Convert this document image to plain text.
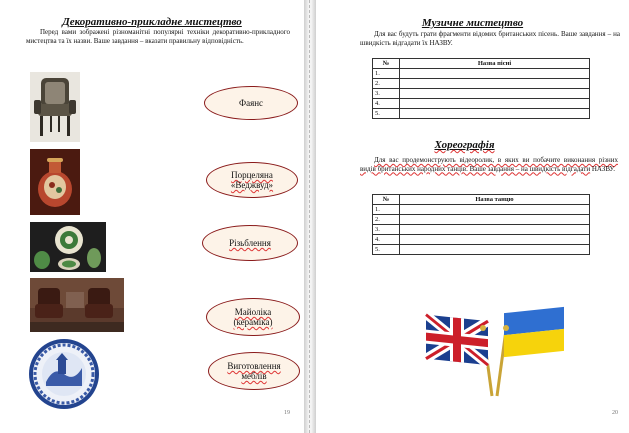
Декоративно-прикладне мистецтво
Перед вами зображені різноманітні популярні техніки декоративно-прикладного мистецтва та їх назви. Ваше завдання – вказати правильну відповідність.
Фаянс
Порцеляна
«Веджвуд»
Різьблення
Майоліка
(кераміка)
Виготовлення
меблів
19
Музичне мистецтво
Для вас будуть грати фрагменти відомих британських пісень. Ваше завдання – на швидкість відгадати їх НАЗВУ.
№	Назва пісні
1.	
2.	
3.	
4.	
5.	
Хореографія
Для вас продемонструють відеоролик, в яких ви побачите виконання різних видів британських народних танців. Ваше завдання – на швидкість відгадати НАЗВУ.
№	Назва танцю
1.	
2.	
3.	
4.	
5.	
20
